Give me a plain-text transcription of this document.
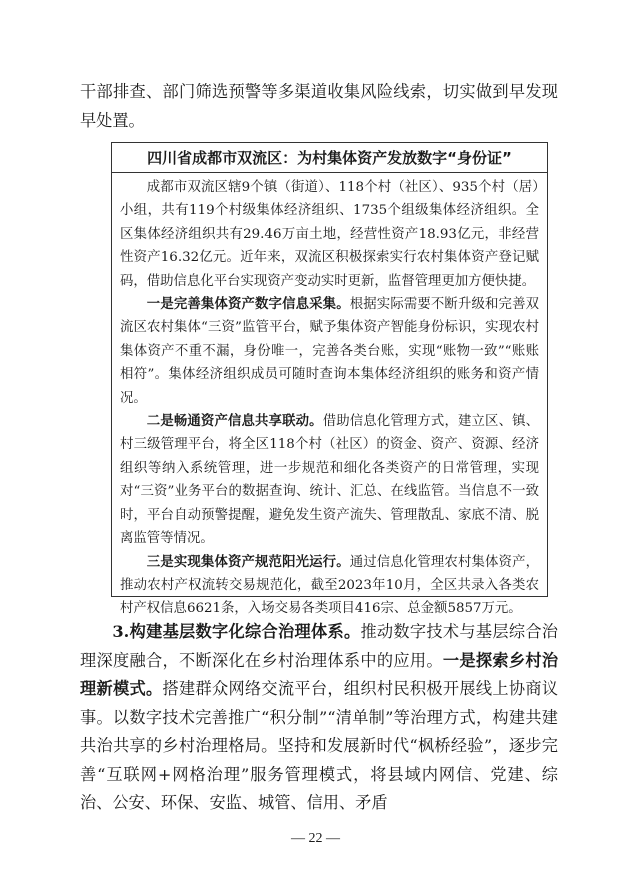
干部排查、部门筛选预警等多渠道收集风险线索，切实做到早发现早处置。

四川省成都市双流区：为村集体资产发放数字“身份证”

成都市双流区辖9个镇（街道）、118个村（社区）、935个村（居）小组，共有119个村级集体经济组织、1735个组级集体经济组织。全区集体经济组织共有29.46万亩土地，经营性资产18.93亿元，非经营性资产16.32亿元。近年来，双流区积极探索实行农村集体资产登记赋码，借助信息化平台实现资产变动实时更新，监督管理更加方便快捷。

一是完善集体资产数字信息采集。根据实际需要不断升级和完善双流区农村集体“三资”监管平台，赋予集体资产智能身份标识，实现农村集体资产不重不漏，身份唯一，完善各类台账，实现“账物一致”“账账相符”。集体经济组织成员可随时查询本集体经济组织的账务和资产情况。

二是畅通资产信息共享联动。借助信息化管理方式，建立区、镇、村三级管理平台，将全区118个村（社区）的资金、资产、资源、经济组织等纳入系统管理，进一步规范和细化各类资产的日常管理，实现对“三资”业务平台的数据查询、统计、汇总、在线监管。当信息不一致时，平台自动预警提醒，避免发生资产流失、管理散乱、家底不清、脱离监管等情况。

三是实现集体资产规范阳光运行。通过信息化管理农村集体资产，推动农村产权流转交易规范化，截至2023年10月，全区共录入各类农村产权信息6621条，入场交易各类项目416宗、总金额5857万元。

3.构建基层数字化综合治理体系。推动数字技术与基层综合治理深度融合，不断深化在乡村治理体系中的应用。一是探索乡村治理新模式。搭建群众网络交流平台，组织村民积极开展线上协商议事。以数字技术完善推广“积分制”“清单制”等治理方式，构建共建共治共享的乡村治理格局。坚持和发展新时代“枫桥经验”，逐步完善“互联网+网格治理”服务管理模式，将县域内网信、党建、综治、公安、环保、安监、城管、信用、矛盾

— 22 —
